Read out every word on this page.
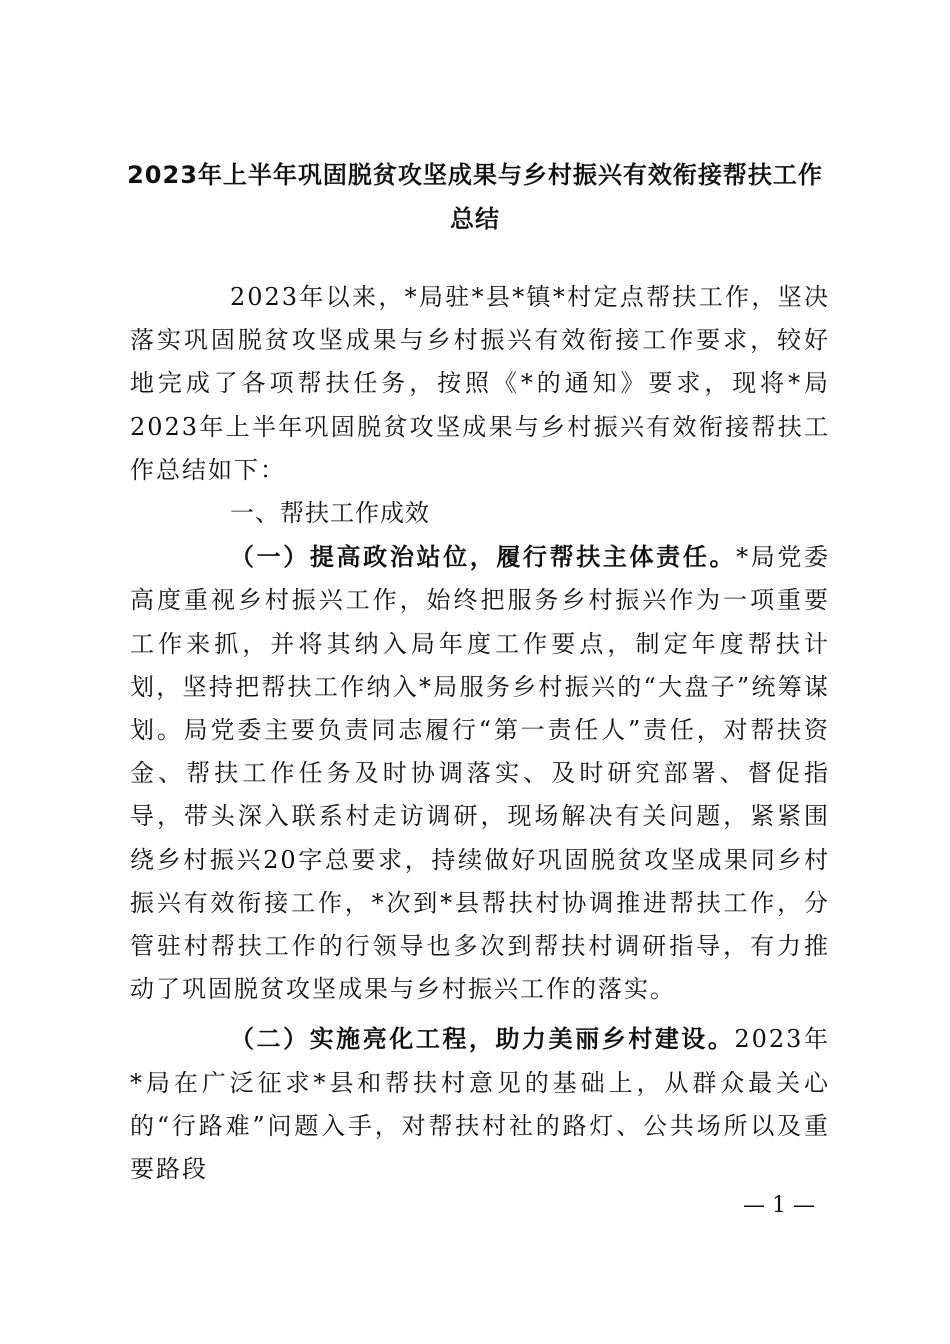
2023年上半年巩固脱贫攻坚成果与乡村振兴有效衔接帮扶工作总结

2023年以来，*局驻*县*镇*村定点帮扶工作，坚决落实巩固脱贫攻坚成果与乡村振兴有效衔接工作要求，较好地完成了各项帮扶任务，按照《*的通知》要求，现将*局2023年上半年巩固脱贫攻坚成果与乡村振兴有效衔接帮扶工作总结如下：

一、帮扶工作成效

（一）提高政治站位，履行帮扶主体责任。*局党委高度重视乡村振兴工作，始终把服务乡村振兴作为一项重要工作来抓，并将其纳入局年度工作要点，制定年度帮扶计划，坚持把帮扶工作纳入*局服务乡村振兴的“大盘子”统筹谋划。局党委主要负责同志履行“第一责任人”责任，对帮扶资金、帮扶工作任务及时协调落实、及时研究部署、督促指导，带头深入联系村走访调研，现场解决有关问题，紧紧围绕乡村振兴20字总要求，持续做好巩固脱贫攻坚成果同乡村振兴有效衔接工作，*次到*县帮扶村协调推进帮扶工作，分管驻村帮扶工作的行领导也多次到帮扶村调研指导，有力推动了巩固脱贫攻坚成果与乡村振兴工作的落实。

（二）实施亮化工程，助力美丽乡村建设。2023年*局在广泛征求*县和帮扶村意见的基础上，从群众最关心的“行路难”问题入手，对帮扶村社的路灯、公共场所以及重要路段

— 1 —
